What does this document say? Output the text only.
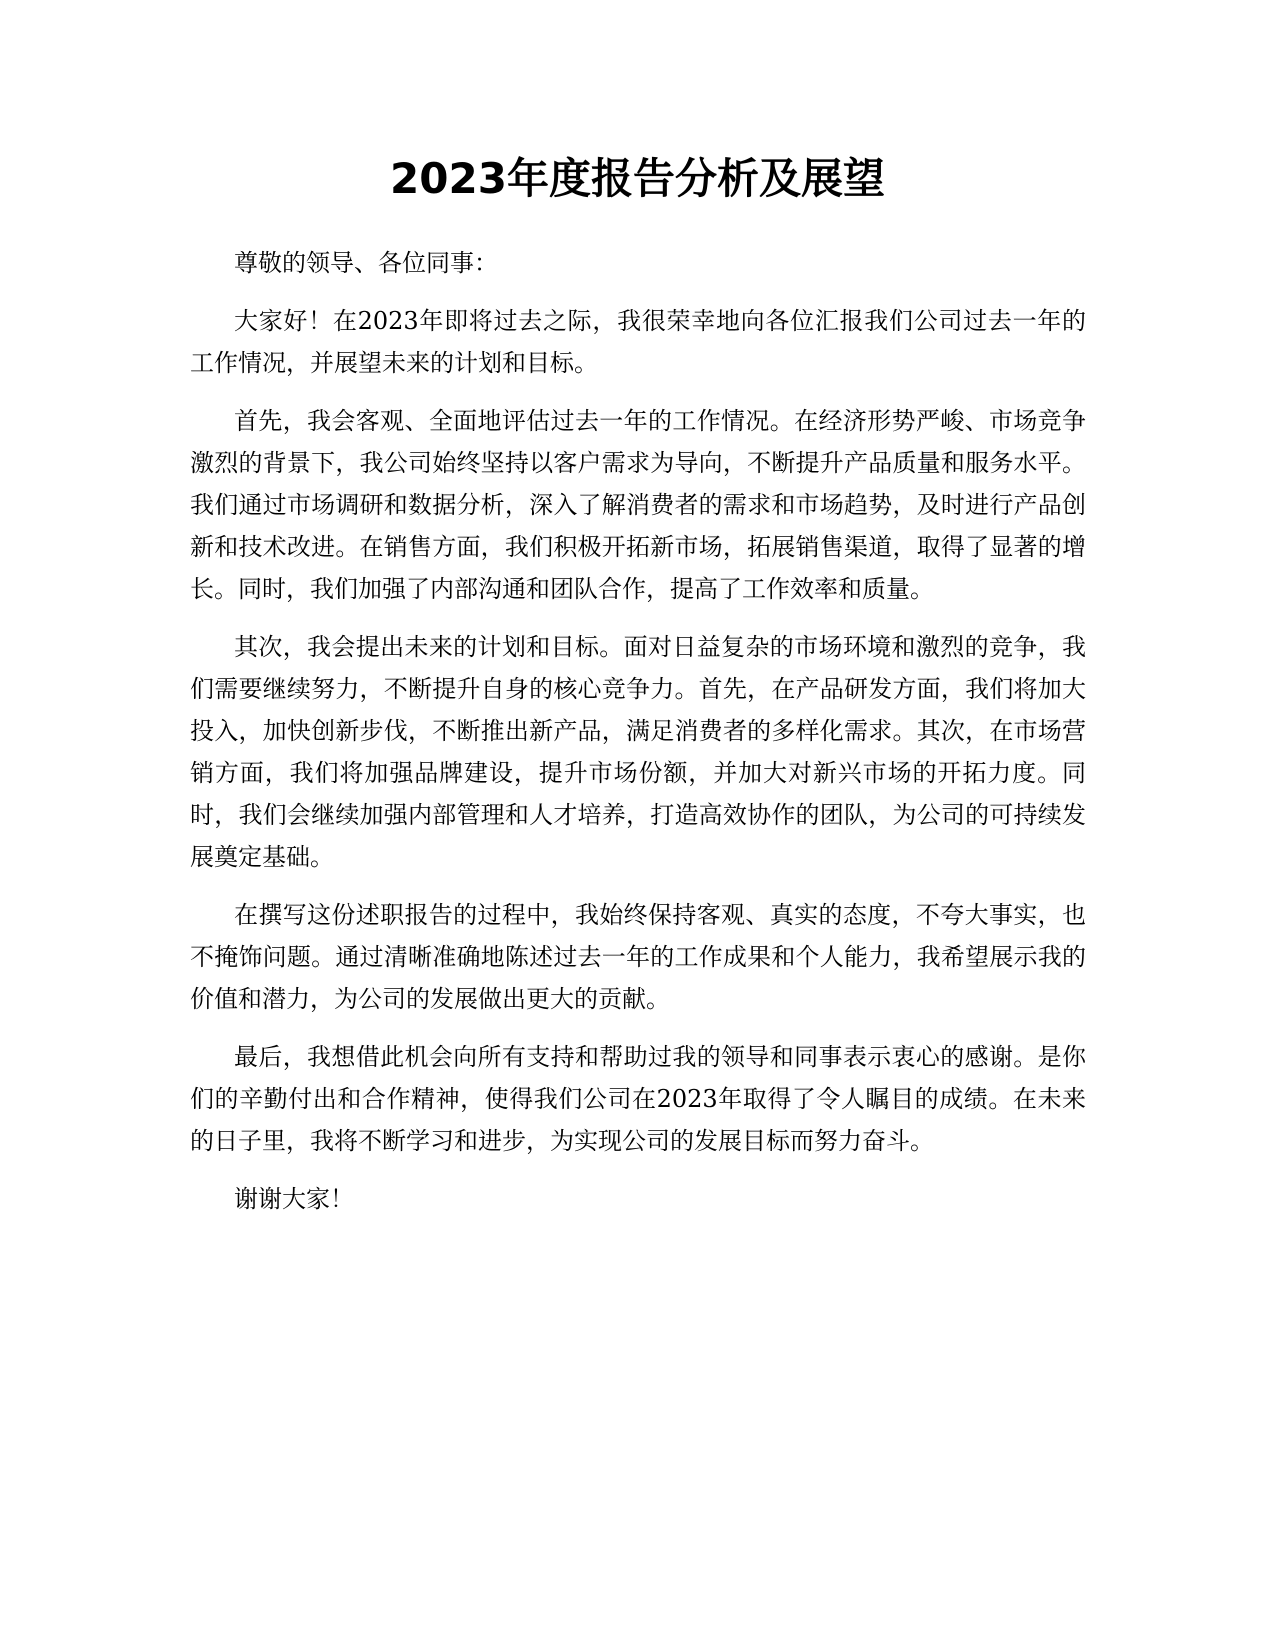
2023年度报告分析及展望

尊敬的领导、各位同事：

大家好！在2023年即将过去之际，我很荣幸地向各位汇报我们公司过去一年的工作情况，并展望未来的计划和目标。

首先，我会客观、全面地评估过去一年的工作情况。在经济形势严峻、市场竞争激烈的背景下，我公司始终坚持以客户需求为导向，不断提升产品质量和服务水平。我们通过市场调研和数据分析，深入了解消费者的需求和市场趋势，及时进行产品创新和技术改进。在销售方面，我们积极开拓新市场，拓展销售渠道，取得了显著的增长。同时，我们加强了内部沟通和团队合作，提高了工作效率和质量。

其次，我会提出未来的计划和目标。面对日益复杂的市场环境和激烈的竞争，我们需要继续努力，不断提升自身的核心竞争力。首先，在产品研发方面，我们将加大投入，加快创新步伐，不断推出新产品，满足消费者的多样化需求。其次，在市场营销方面，我们将加强品牌建设，提升市场份额，并加大对新兴市场的开拓力度。同时，我们会继续加强内部管理和人才培养，打造高效协作的团队，为公司的可持续发展奠定基础。

在撰写这份述职报告的过程中，我始终保持客观、真实的态度，不夸大事实，也不掩饰问题。通过清晰准确地陈述过去一年的工作成果和个人能力，我希望展示我的价值和潜力，为公司的发展做出更大的贡献。

最后，我想借此机会向所有支持和帮助过我的领导和同事表示衷心的感谢。是你们的辛勤付出和合作精神，使得我们公司在2023年取得了令人瞩目的成绩。在未来的日子里，我将不断学习和进步，为实现公司的发展目标而努力奋斗。

谢谢大家！
